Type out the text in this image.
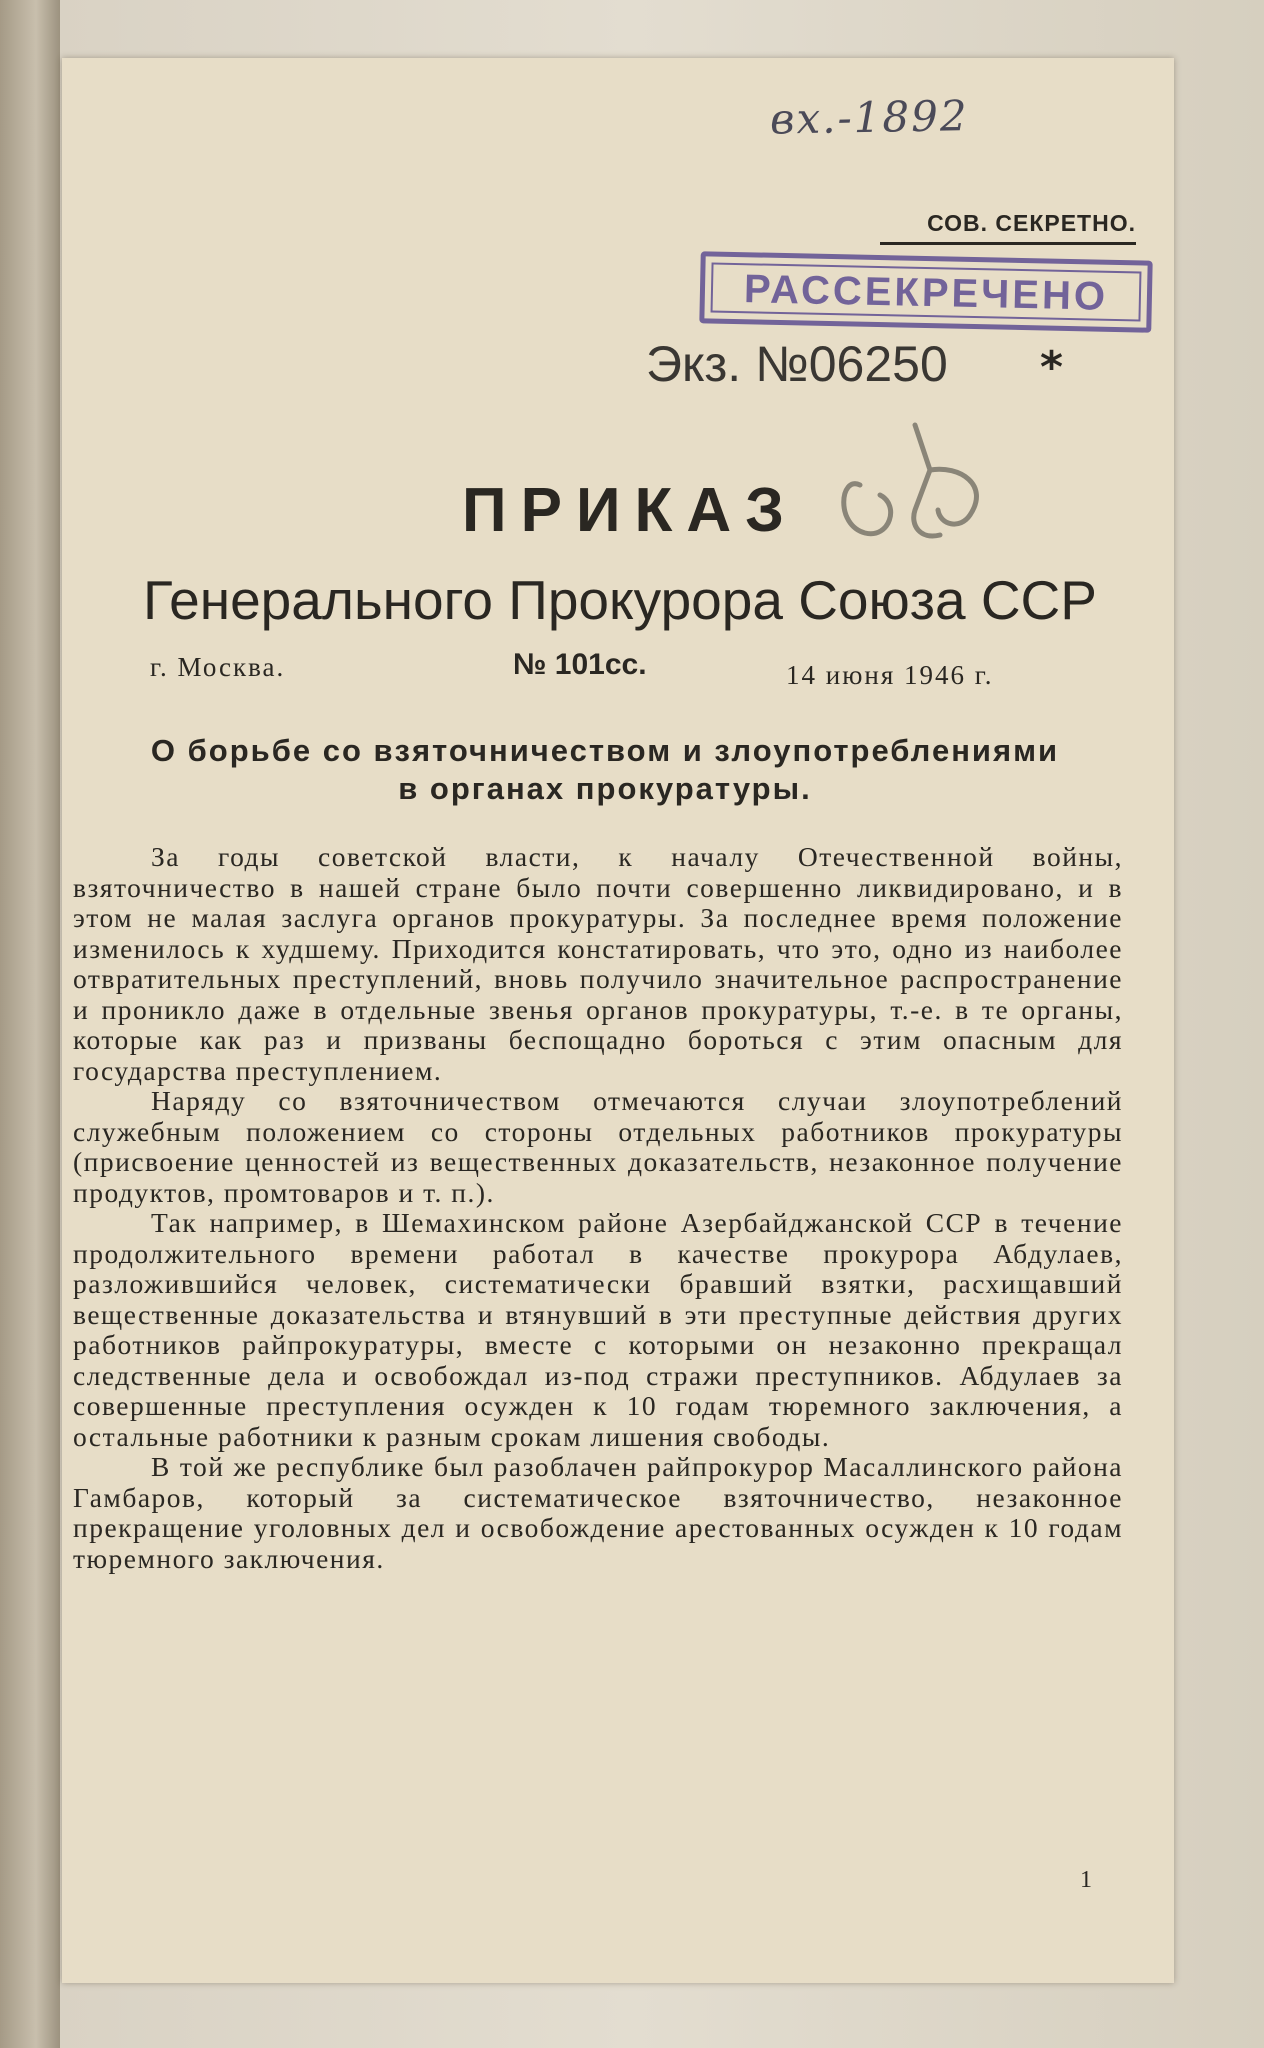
вх.-1892
СОВ. СЕКРЕТНО.
РАССЕКРЕЧЕНО
Экз. №06250	*
ПРИКАЗ
Генерального Прокурора Союза ССР
г. Москва.	№ 101сс.	14 июня 1946 г.
О борьбе со взяточничеством и злоупотреблениями
в органах прокуратуры.

За годы советской власти, к началу Отечественной войны, взяточничество в нашей стране было почти совершенно ликвидировано, и в этом не малая заслуга органов прокуратуры. За последнее время положение изменилось к худшему. Приходится констатировать, что это, одно из наиболее отвратительных преступлений, вновь получило значительное распространение и проникло даже в отдельные звенья органов прокуратуры, т.-е. в те органы, которые как раз и призваны беспощадно бороться с этим опасным для государства преступлением.

Наряду со взяточничеством отмечаются случаи злоупотреблений служебным положением со стороны отдельных работников прокуратуры (присвоение ценностей из вещественных доказательств, незаконное получение продуктов, промтоваров и т. п.).

Так например, в Шемахинском районе Азербайджанской ССР в течение продолжительного времени работал в качестве прокурора Абдулаев, разложившийся человек, систематически бравший взятки, расхищавший вещественные доказательства и втянувший в эти преступные действия других работников райпрокуратуры, вместе с которыми он незаконно прекращал следственные дела и освобождал из-под стражи преступников. Абдулаев за совершенные преступления осужден к 10 годам тюремного заключения, а остальные работники к разным срокам лишения свободы.

В той же республике был разоблачен райпрокурор Масаллинского района Гамбаров, который за систематическое взяточничество, незаконное прекращение уголовных дел и освобождение арестованных осужден к 10 годам тюремного заключения.

1
